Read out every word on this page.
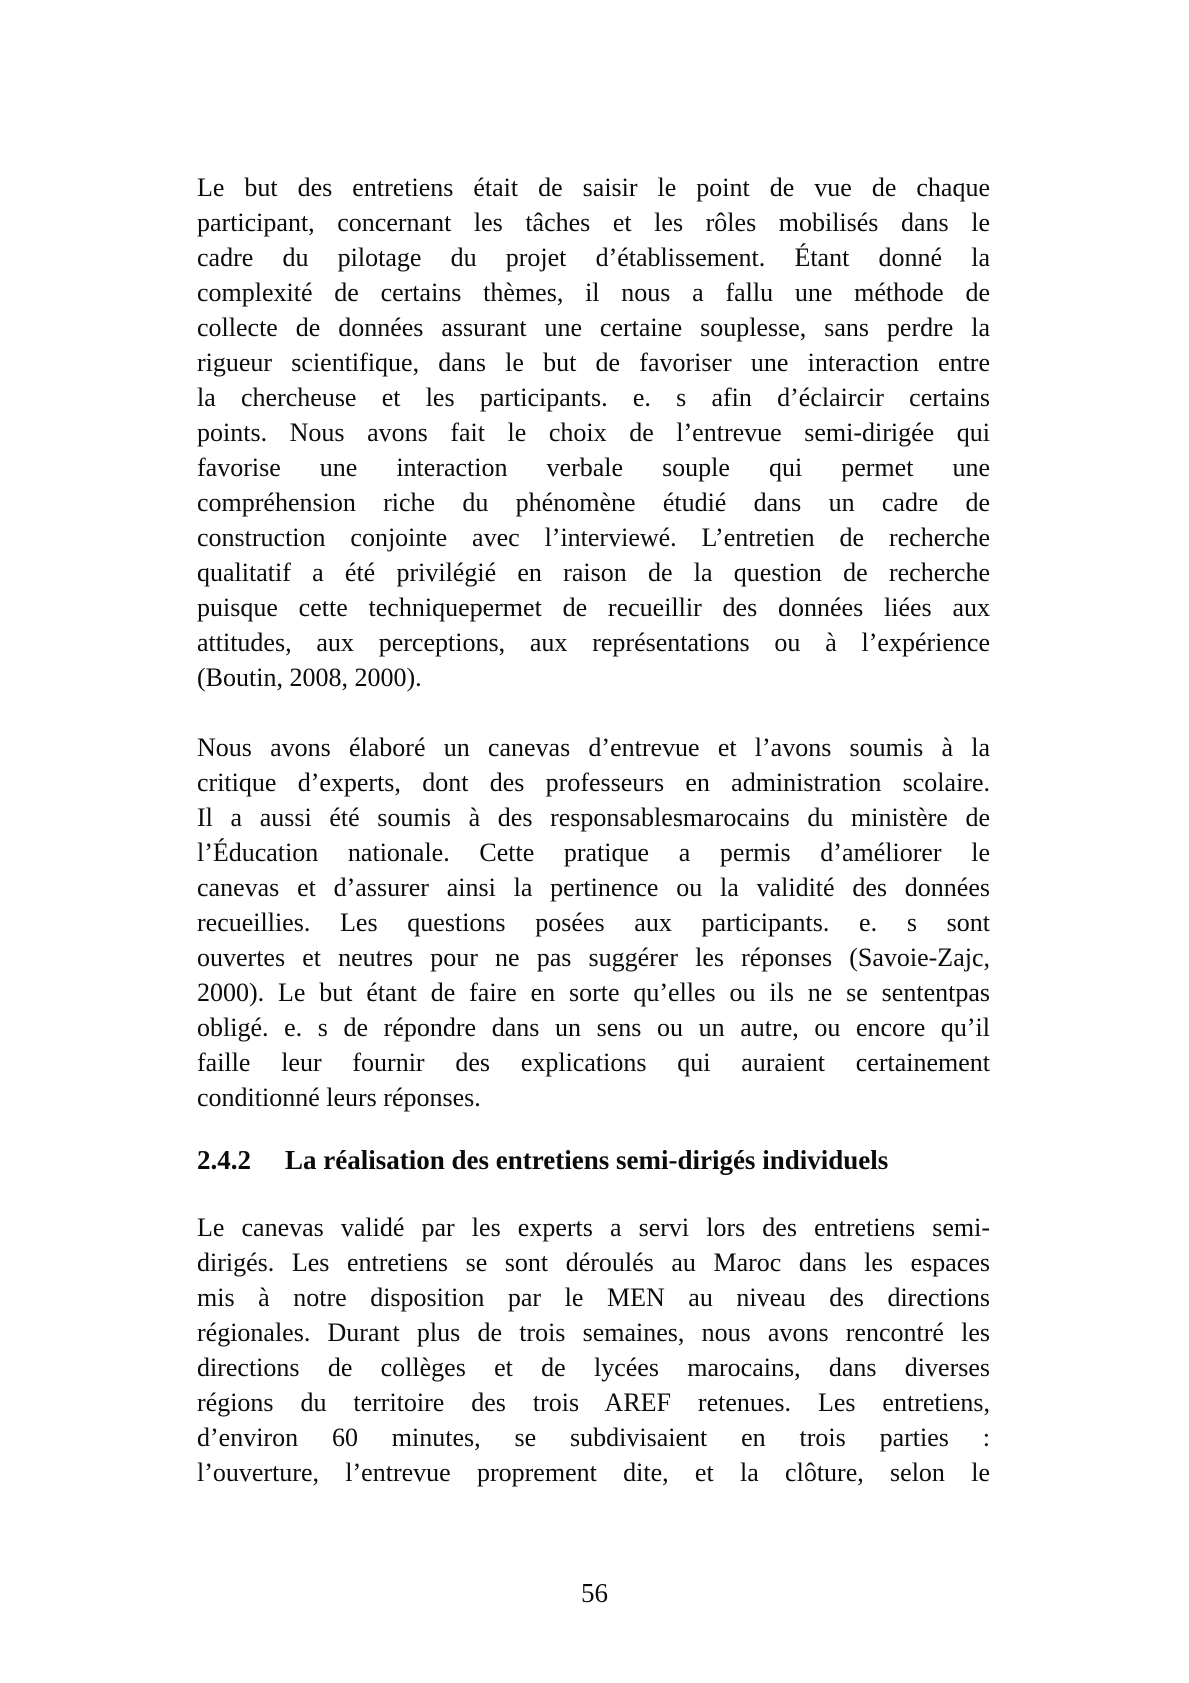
Le but des entretiens était de saisir le point de vue de chaque
participant, concernant les tâches et les rôles mobilisés dans le
cadre du pilotage du projet d’établissement. Étant donné la
complexité de certains thèmes, il nous a fallu une méthode de
collecte de données assurant une certaine souplesse, sans perdre la
rigueur scientifique, dans le but de favoriser une interaction entre
la chercheuse et les participants. e. s afin d’éclaircir certains
points. Nous avons fait le choix de l’entrevue semi-dirigée qui
favorise une interaction verbale souple qui permet une
compréhension riche du phénomène étudié dans un cadre de
construction conjointe avec l’interviewé. L’entretien de recherche
qualitatif a été privilégié en raison de la question de recherche
puisque cette techniquepermet de recueillir des données liées aux
attitudes, aux perceptions, aux représentations ou à l’expérience
(Boutin, 2008, 2000).
Nous avons élaboré un canevas d’entrevue et l’avons soumis à la
critique d’experts, dont des professeurs en administration scolaire.
Il a aussi été soumis à des responsablesmarocains du ministère de
l’Éducation nationale. Cette pratique a permis d’améliorer le
canevas et d’assurer ainsi la pertinence ou la validité des données
recueillies. Les questions posées aux participants. e. s sont
ouvertes et neutres pour ne pas suggérer les réponses (Savoie-Zajc,
2000). Le but étant de faire en sorte qu’elles ou ils ne se sententpas
obligé. e. s de répondre dans un sens ou un autre, ou encore qu’il
faille leur fournir des explications qui auraient certainement
conditionné leurs réponses.
2.4.2	La réalisation des entretiens semi-dirigés individuels
Le canevas validé par les experts a servi lors des entretiens semi-
dirigés. Les entretiens se sont déroulés au Maroc dans les espaces
mis à notre disposition par le MEN au niveau des directions
régionales. Durant plus de trois semaines, nous avons rencontré les
directions de collèges et de lycées marocains, dans diverses
régions du territoire des trois AREF retenues. Les entretiens,
d’environ 60 minutes, se subdivisaient en trois parties :
l’ouverture, l’entrevue proprement dite, et la clôture, selon le
56
